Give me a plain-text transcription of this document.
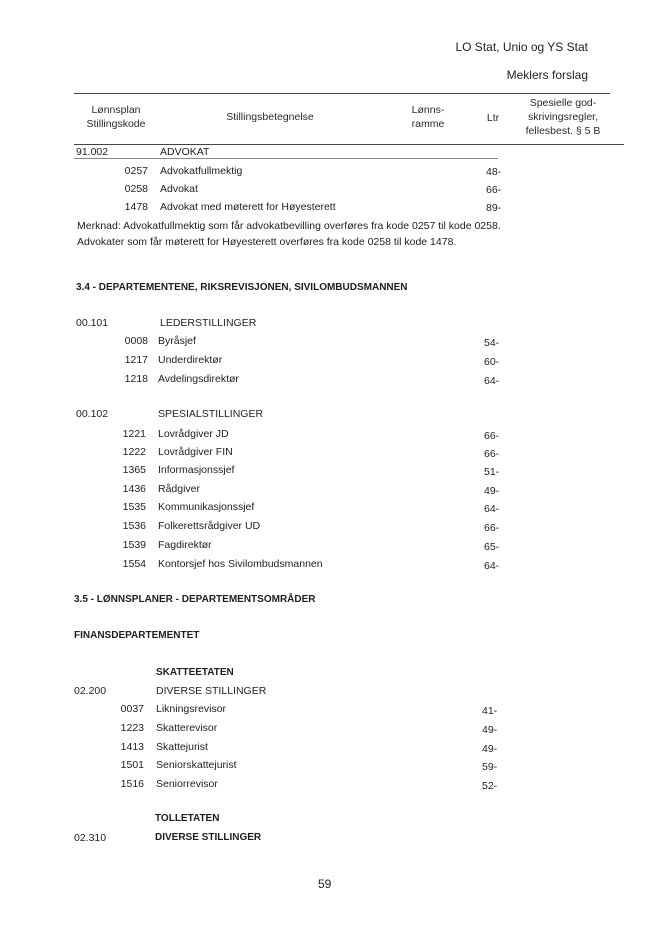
LO Stat, Unio og YS Stat
Meklers forslag
Lønnsplan
Stillingskode
Stillingsbetegnelse
Lønns-
ramme	Ltr
Spesielle god-
skrivingsregler,
fellesbest. § 5 B
91.002	ADVOKAT
0257 Advokatfullmektig	48-
0258 Advokat	66-
1478 Advokat med møterett for Høyesterett	89-
Merknad: Advokatfullmektig som får advokatbevilling overføres fra kode 0257 til kode 0258.
Advokater som får møterett for Høyesterett overføres fra kode 0258 til kode 1478.
3.4 - DEPARTEMENTENE, RIKSREVISJONEN, SIVILOMBUDSMANNEN
00.101	LEDERSTILLINGER
0008 Byråsjef	54-
1217 Underdirektør	60-
1218 Avdelingsdirektør	64-
00.102	SPESIALSTILLINGER
1221 Lovrådgiver JD	66-
1222 Lovrådgiver FIN	66-
1365 Informasjonssjef	51-
1436 Rådgiver	49-
1535 Kommunikasjonssjef	64-
1536 Folkerettsrådgiver UD	66-
1539 Fagdirektør	65-
1554 Kontorsjef hos Sivilombudsmannen	64-
3.5 - LØNNSPLANER - DEPARTEMENTSOMRÅDER
FINANSDEPARTEMENTET
SKATTEETATEN
02.200	DIVERSE STILLINGER
0037 Likningsrevisor	41-
1223 Skatterevisor	49-
1413 Skattejurist	49-
1501 Seniorskattejurist	59-
1516 Seniorrevisor	52-
TOLLETATEN
02.310	DIVERSE STILLINGER
59
